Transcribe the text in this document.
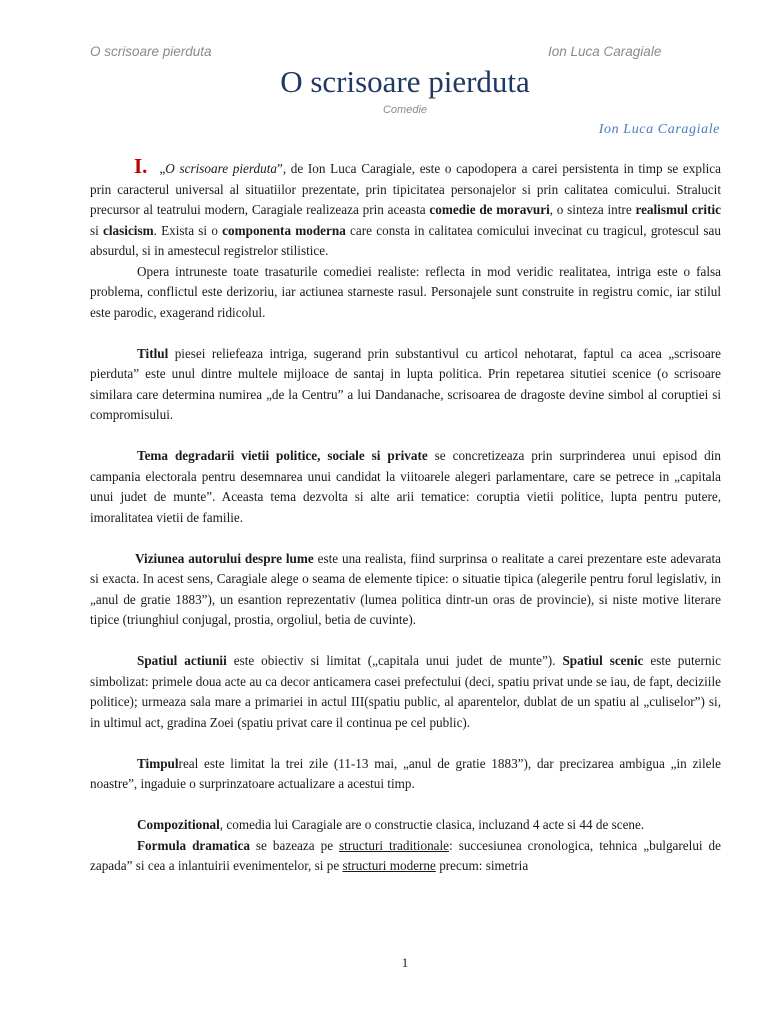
O scrisoare pierduta	Ion Luca Caragiale
O scrisoare pierduta
Comedie
Ion Luca Caragiale

I. „O scrisoare pierduta”, de Ion Luca Caragiale, este o capodopera a carei persistenta in timp se explica prin caracterul universal al situatiilor prezentate, prin tipicitatea personajelor si prin calitatea comicului. Stralucit precursor al teatrului modern, Caragiale realizeaza prin aceasta comedie de moravuri, o sinteza intre realismul critic si clasicism. Exista si o componenta moderna care consta in calitatea comicului invecinat cu tragicul, grotescul sau absurdul, si in amestecul registrelor stilistice.

Opera intruneste toate trasaturile comediei realiste: reflecta in mod veridic realitatea, intriga este o falsa problema, conflictul este derizoriu, iar actiunea starneste rasul. Personajele sunt construite in registru comic, iar stilul este parodic, exagerand ridicolul.

Titlul piesei reliefeaza intriga, sugerand prin substantivul cu articol nehotarat, faptul ca acea „scrisoare pierduta” este unul dintre multele mijloace de santaj in lupta politica. Prin repetarea situtiei scenice (o scrisoare similara care determina numirea „de la Centru” a lui Dandanache, scrisoarea de dragoste devine simbol al coruptiei si compromisului.

Tema degradarii vietii politice, sociale si private se concretizeaza prin surprinderea unui episod din campania electorala pentru desemnarea unui candidat la viitoarele alegeri parlamentare, care se petrece in „capitala unui judet de munte”. Aceasta tema dezvolta si alte arii tematice: coruptia vietii politice, lupta pentru putere, imoralitatea vietii de familie.

Viziunea autorului despre lume este una realista, fiind surprinsa o realitate a carei prezentare este adevarata si exacta. In acest sens, Caragiale alege o seama de elemente tipice: o situatie tipica (alegerile pentru forul legislativ, in „anul de gratie 1883”), un esantion reprezentativ (lumea politica dintr-un oras de provincie), si niste motive literare tipice (triunghiul conjugal, prostia, orgoliul, betia de cuvinte).

Spatiul actiunii este obiectiv si limitat („capitala unui judet de munte”). Spatiul scenic este puternic simbolizat: primele doua acte au ca decor anticamera casei prefectului (deci, spatiu privat unde se iau, de fapt, deciziile politice); urmeaza sala mare a primariei in actul III(spatiu public, al aparentelor, dublat de un spatiu al „culiselor”) si, in ultimul act, gradina Zoei (spatiu privat care il continua pe cel public).

Timpulreal este limitat la trei zile (11-13 mai, „anul de gratie 1883”), dar precizarea ambigua „in zilele noastre”, ingaduie o surprinzatoare actualizare a acestui timp.

Compozitional, comedia lui Caragiale are o constructie clasica, incluzand 4 acte si 44 de scene.

Formula dramatica se bazeaza pe structuri traditionale: succesiunea cronologica, tehnica „bulgarelui de zapada” si cea a inlantuirii evenimentelor, si pe structuri moderne precum: simetria

1
